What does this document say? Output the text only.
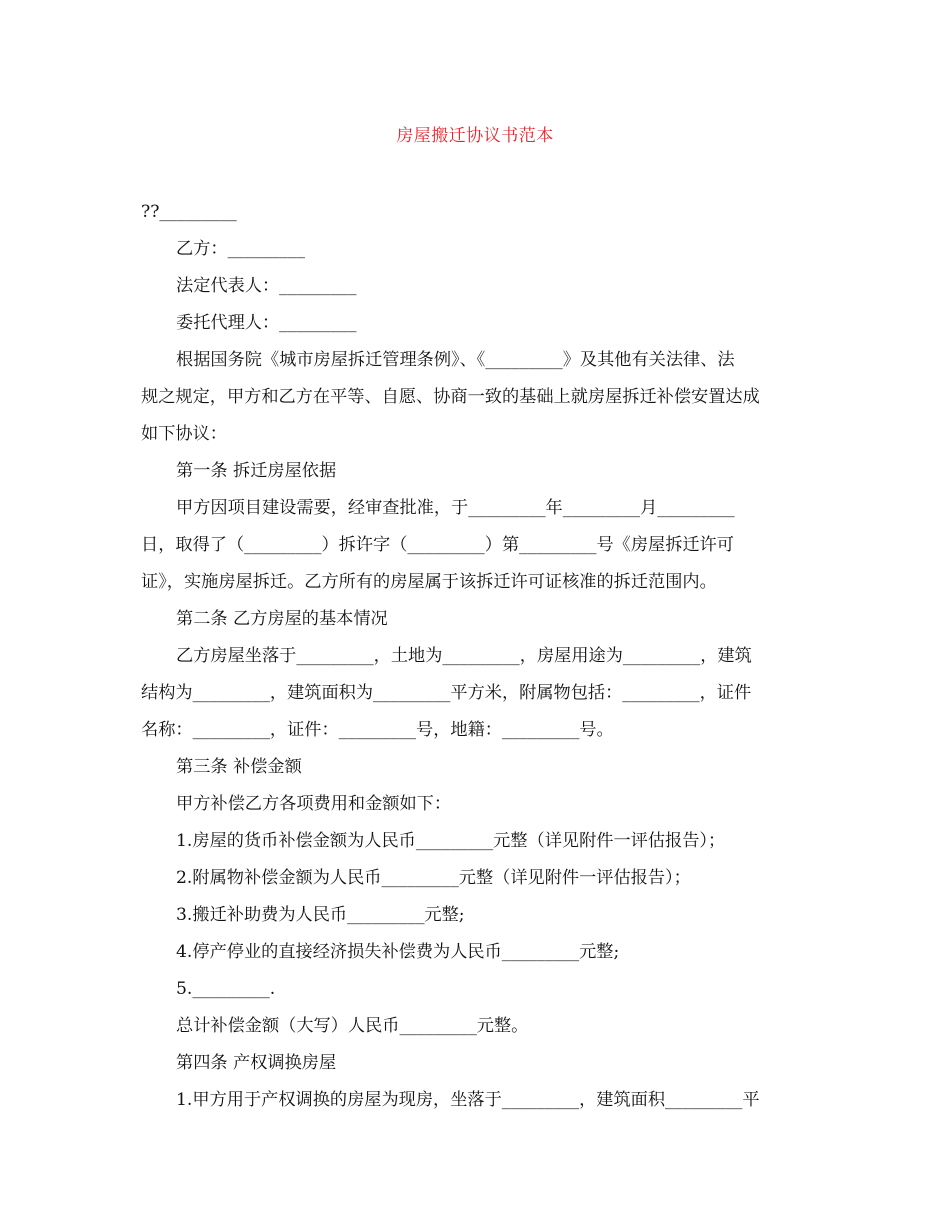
房屋搬迁协议书范本
??_________
乙方：_________
法定代表人：_________
委托代理人：_________
根据国务院《城市房屋拆迁管理条例》、《_________》及其他有关法律、法
规之规定，甲方和乙方在平等、自愿、协商一致的基础上就房屋拆迁补偿安置达成
如下协议：
第一条 拆迁房屋依据
甲方因项目建设需要，经审查批准，于_________年_________月_________
日，取得了（_________）拆许字（_________）第_________号《房屋拆迁许可
证》，实施房屋拆迁。乙方所有的房屋属于该拆迁许可证核准的拆迁范围内。
第二条 乙方房屋的基本情况
乙方房屋坐落于_________，土地为_________，房屋用途为_________，建筑
结构为_________，建筑面积为_________平方米，附属物包括：_________，证件
名称：_________，证件：_________号，地籍：_________号。
第三条 补偿金额
甲方补偿乙方各项费用和金额如下：
1.房屋的货币补偿金额为人民币_________元整（详见附件一评估报告）；
2.附属物补偿金额为人民币_________元整（详见附件一评估报告）；
3.搬迁补助费为人民币_________元整;
4.停产停业的直接经济损失补偿费为人民币_________元整;
5._________.
总计补偿金额（大写）人民币_________元整。
第四条 产权调换房屋
1.甲方用于产权调换的房屋为现房，坐落于_________，建筑面积_________平
